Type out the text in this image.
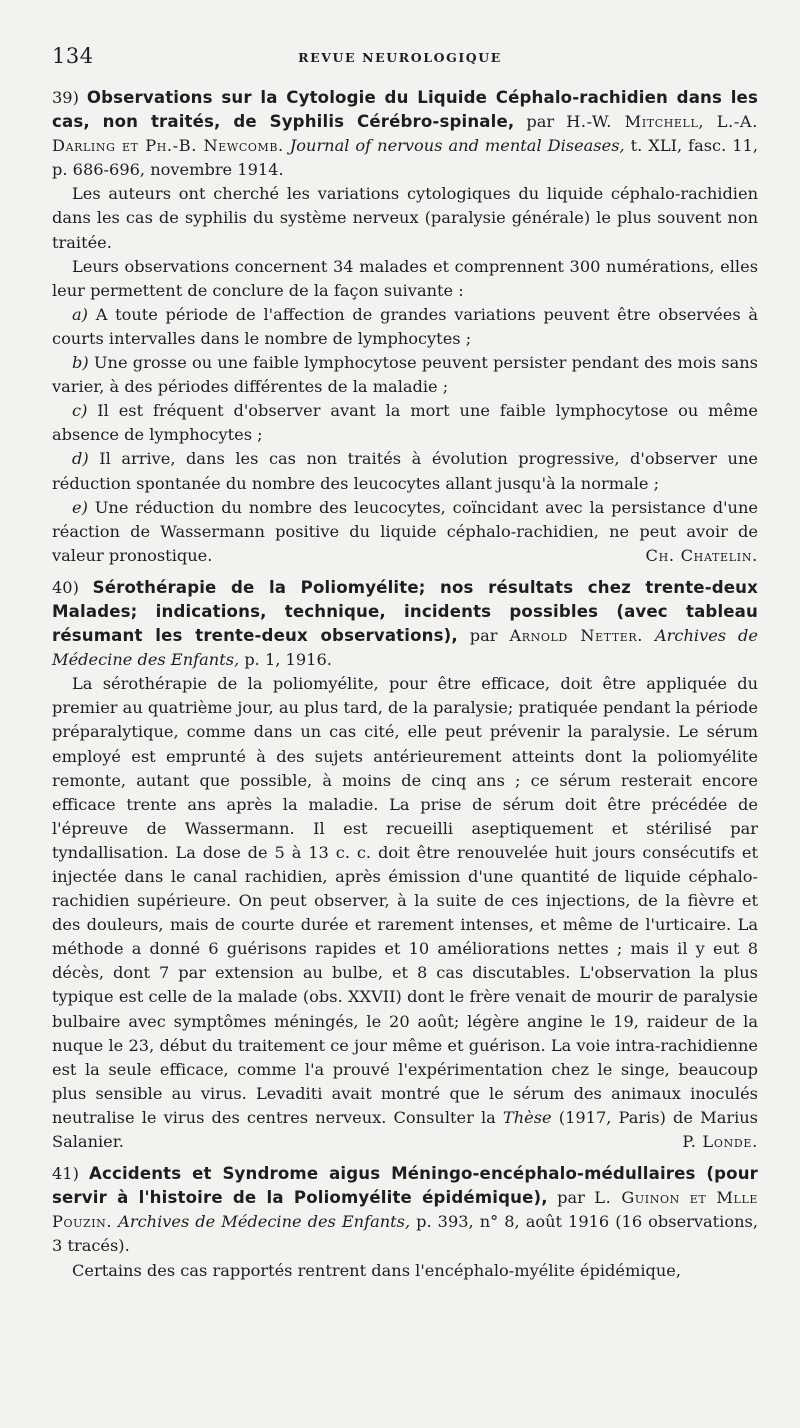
134	REVUE NEUROLOGIQUE

39) Observations sur la Cytologie du Liquide Céphalo-rachidien dans les cas, non traités, de Syphilis Cérébro-spinale, par H.-W. Mitchell, L.-A. Darling et Ph.-B. Newcomb. Journal of nervous and mental Diseases, t. XLI, fasc. 11, p. 686-696, novembre 1914.

Les auteurs ont cherché les variations cytologiques du liquide céphalo-rachidien dans les cas de syphilis du système nerveux (paralysie générale) le plus souvent non traitée.

Leurs observations concernent 34 malades et comprennent 300 numérations, elles leur permettent de conclure de la façon suivante :

a) A toute période de l'affection de grandes variations peuvent être observées à courts intervalles dans le nombre de lymphocytes ;

b) Une grosse ou une faible lymphocytose peuvent persister pendant des mois sans varier, à des périodes différentes de la maladie ;

c) Il est fréquent d'observer avant la mort une faible lymphocytose ou même absence de lymphocytes ;

d) Il arrive, dans les cas non traités à évolution progressive, d'observer une réduction spontanée du nombre des leucocytes allant jusqu'à la normale ;

e) Une réduction du nombre des leucocytes, coïncidant avec la persistance d'une réaction de Wassermann positive du liquide céphalo-rachidien, ne peut avoir de valeur pronostique.	Ch. Chatelin.

40) Sérothérapie de la Poliomyélite; nos résultats chez trente-deux Malades; indications, technique, incidents possibles (avec tableau résumant les trente-deux observations), par Arnold Netter. Archives de Médecine des Enfants, p. 1, 1916.

La sérothérapie de la poliomyélite, pour être efficace, doit être appliquée du premier au quatrième jour, au plus tard, de la paralysie; pratiquée pendant la période préparalytique, comme dans un cas cité, elle peut prévenir la paralysie. Le sérum employé est emprunté à des sujets antérieurement atteints dont la poliomyélite remonte, autant que possible, à moins de cinq ans ; ce sérum resterait encore efficace trente ans après la maladie. La prise de sérum doit être précédée de l'épreuve de Wassermann. Il est recueilli aseptiquement et stérilisé par tyndallisation. La dose de 5 à 13 c. c. doit être renouvelée huit jours consécutifs et injectée dans le canal rachidien, après émission d'une quantité de liquide céphalo-rachidien supérieure. On peut observer, à la suite de ces injections, de la fièvre et des douleurs, mais de courte durée et rarement intenses, et même de l'urticaire. La méthode a donné 6 guérisons rapides et 10 améliorations nettes ; mais il y eut 8 décès, dont 7 par extension au bulbe, et 8 cas discutables. L'observation la plus typique est celle de la malade (obs. XXVII) dont le frère venait de mourir de paralysie bulbaire avec symptômes méningés, le 20 août; légère angine le 19, raideur de la nuque le 23, début du traitement ce jour même et guérison. La voie intra-rachidienne est la seule efficace, comme l'a prouvé l'expérimentation chez le singe, beaucoup plus sensible au virus. Levaditi avait montré que le sérum des animaux inoculés neutralise le virus des centres nerveux. Consulter la Thèse (1917, Paris) de Marius Salanier.	P. Londe.

41) Accidents et Syndrome aigus Méningo-encéphalo-médullaires (pour servir à l'histoire de la Poliomyélite épidémique), par L. Guinon et Mlle Pouzin. Archives de Médecine des Enfants, p. 393, n° 8, août 1916 (16 observations, 3 tracés).

Certains des cas rapportés rentrent dans l'encéphalo-myélite épidémique,
